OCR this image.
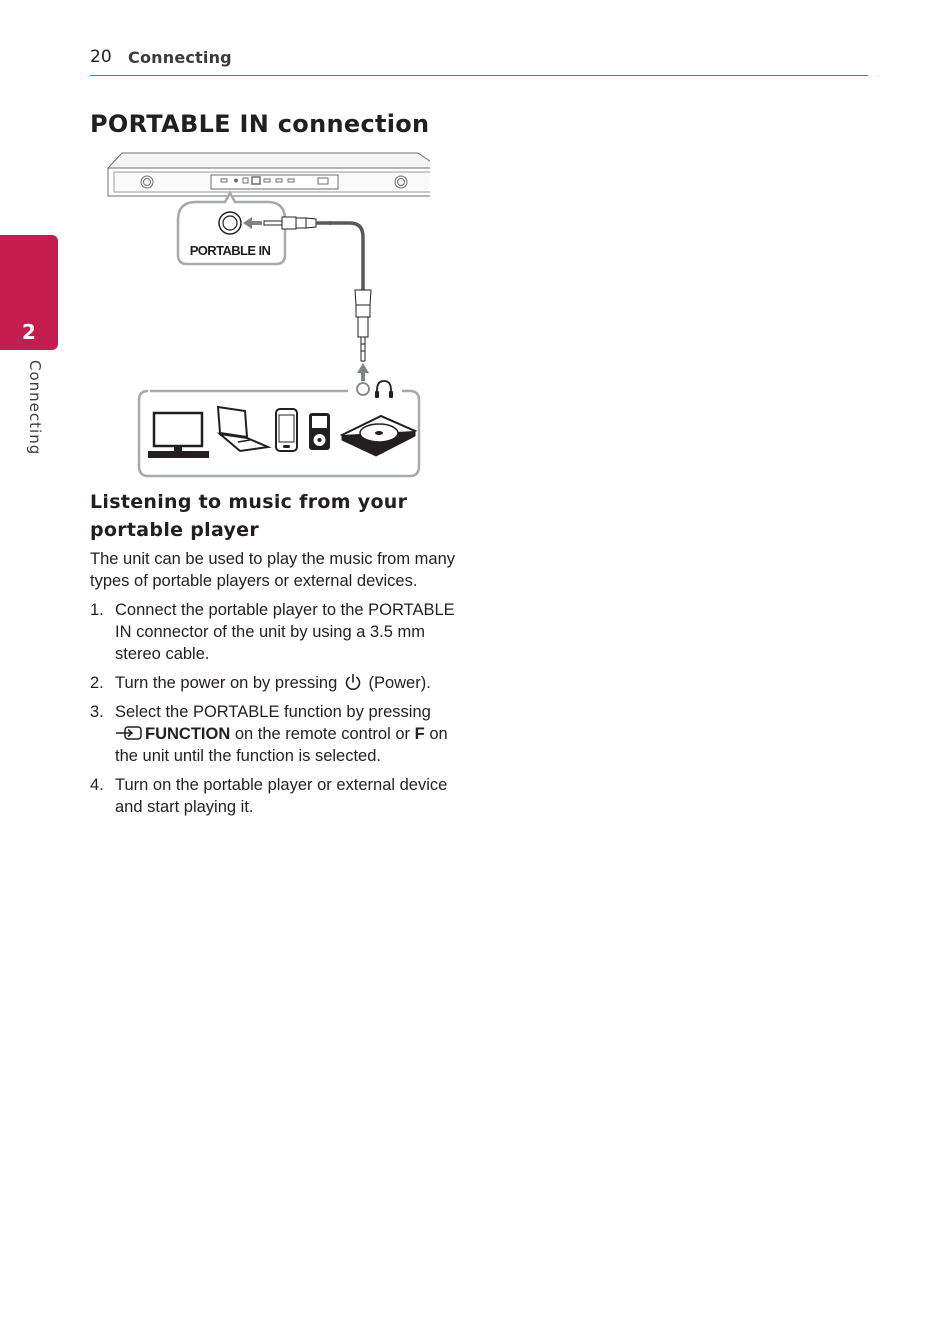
20 Connecting
PORTABLE IN connection
2
Connecting
PORTABLE IN
Listening to music from your portable player

The unit can be used to play the music from many types of portable players or external devices.

1. Connect the portable player to the PORTABLE IN connector of the unit by using a 3.5 mm stereo cable.
2. Turn the power on by pressing (Power).
3. Select the PORTABLE function by pressing
FUNCTION on the remote control or F on the unit until the function is selected.
4. Turn on the portable player or external device and start playing it.
